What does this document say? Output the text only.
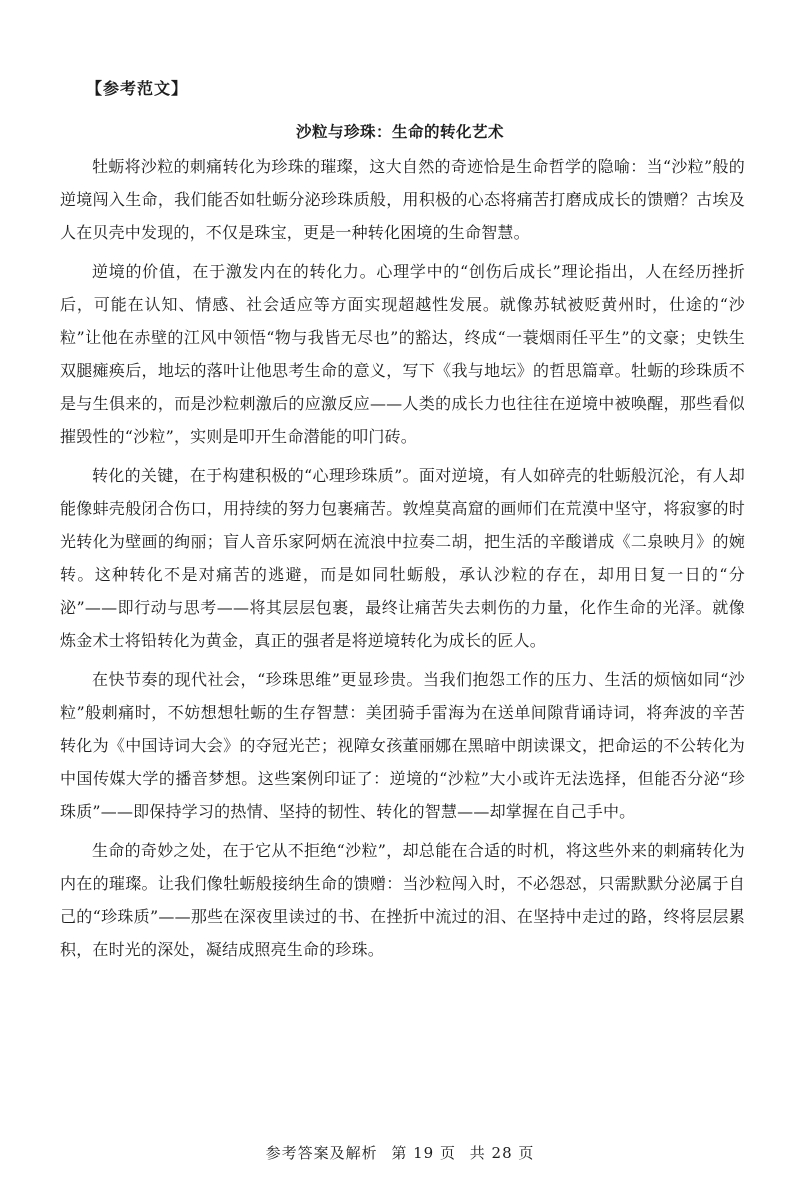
【参考范文】
沙粒与珍珠：生命的转化艺术

牡蛎将沙粒的刺痛转化为珍珠的璀璨，这大自然的奇迹恰是生命哲学的隐喻：当“沙粒”般的逆境闯入生命，我们能否如牡蛎分泌珍珠质般，用积极的心态将痛苦打磨成成长的馈赠？古埃及人在贝壳中发现的，不仅是珠宝，更是一种转化困境的生命智慧。

逆境的价值，在于激发内在的转化力。心理学中的“创伤后成长”理论指出，人在经历挫折后，可能在认知、情感、社会适应等方面实现超越性发展。就像苏轼被贬黄州时，仕途的“沙粒”让他在赤壁的江风中领悟“物与我皆无尽也”的豁达，终成“一蓑烟雨任平生”的文豪；史铁生双腿瘫痪后，地坛的落叶让他思考生命的意义，写下《我与地坛》的哲思篇章。牡蛎的珍珠质不是与生俱来的，而是沙粒刺激后的应激反应——人类的成长力也往往在逆境中被唤醒，那些看似摧毁性的“沙粒”，实则是叩开生命潜能的叩门砖。

转化的关键，在于构建积极的“心理珍珠质”。面对逆境，有人如碎壳的牡蛎般沉沦，有人却能像蚌壳般闭合伤口，用持续的努力包裹痛苦。敦煌莫高窟的画师们在荒漠中坚守，将寂寥的时光转化为壁画的绚丽；盲人音乐家阿炳在流浪中拉奏二胡，把生活的辛酸谱成《二泉映月》的婉转。这种转化不是对痛苦的逃避，而是如同牡蛎般，承认沙粒的存在，却用日复一日的“分泌”——即行动与思考——将其层层包裹，最终让痛苦失去刺伤的力量，化作生命的光泽。就像炼金术士将铅转化为黄金，真正的强者是将逆境转化为成长的匠人。

在快节奏的现代社会，“珍珠思维”更显珍贵。当我们抱怨工作的压力、生活的烦恼如同“沙粒”般刺痛时，不妨想想牡蛎的生存智慧：美团骑手雷海为在送单间隙背诵诗词，将奔波的辛苦转化为《中国诗词大会》的夺冠光芒；视障女孩董丽娜在黑暗中朗读课文，把命运的不公转化为中国传媒大学的播音梦想。这些案例印证了：逆境的“沙粒”大小或许无法选择，但能否分泌“珍珠质”——即保持学习的热情、坚持的韧性、转化的智慧——却掌握在自己手中。

生命的奇妙之处，在于它从不拒绝“沙粒”，却总能在合适的时机，将这些外来的刺痛转化为内在的璀璨。让我们像牡蛎般接纳生命的馈赠：当沙粒闯入时，不必怨怼，只需默默分泌属于自己的“珍珠质”——那些在深夜里读过的书、在挫折中流过的泪、在坚持中走过的路，终将层层累积，在时光的深处，凝结成照亮生命的珍珠。

参考答案及解析 第 19 页 共 28 页
